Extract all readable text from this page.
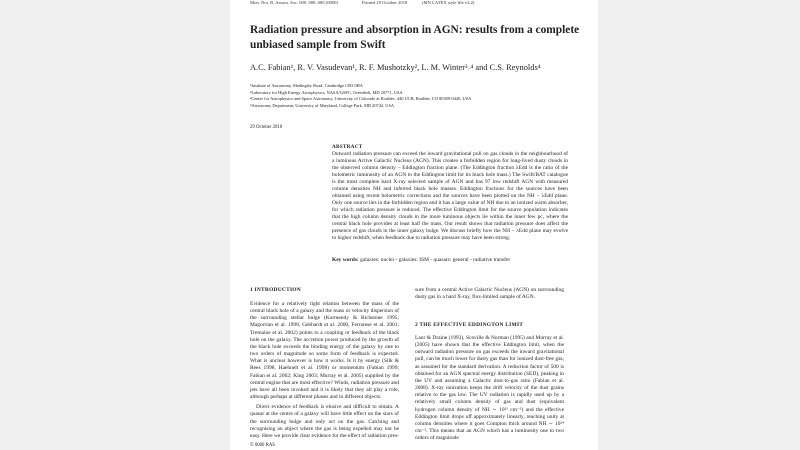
Mon. Not. R. Astron. Soc. 000, 000–000 (0000)	Printed 29 October 2018	(MN LATEX style file v2.2)
Radiation pressure and absorption in AGN: results from a complete unbiased sample from Swift
A.C. Fabian¹, R. V. Vasudevan¹, R. F. Mushotzky², L. M. Winter³˒⁴ and C.S. Reynolds⁴
¹Institute of Astronomy, Madingley Road, Cambridge CB3 0HA
²Laboratory for High Energy Astrophysics, NASA/GSFC, Greenbelt, MD 20771, USA
³Center for Astrophysics and Space Astronomy, University of Colorado at Boulder, 440 UCB, Boulder, CO 80309-0440, USA
⁴Astronomy Department, University of Maryland, College Park, MD 20742, USA
29 October 2018
ABSTRACT
Outward radiation pressure can exceed the inward gravitational pull on gas clouds in the neighbourhood of a luminous Active Galactic Nucleus (AGN). This creates a forbidden region for long-lived dusty clouds in the observed column density – Eddington fraction plane. (The Eddington fraction λEdd is the ratio of the bolometric luminosity of an AGN to the Eddington limit for its black hole mass.) The Swift/BAT catalogue is the most complete hard X-ray selected sample of AGN and has 97 low redshift AGN with measured column densities NH and inferred black hole masses. Eddington fractions for the sources have been obtained using recent bolometric corrections and the sources have been plotted on the NH − λEdd plane. Only one source lies in the forbidden region and it has a large value of NH due to an ionized warm absorber, for which radiation pressure is reduced. The effective Eddington limit for the source population indicates that the high column density clouds in the more luminous objects lie within the inner few pc, where the central black hole provides at least half the mass. Our result shows that radiation pressure does affect the presence of gas clouds in the inner galaxy bulge. We discuss briefly how the NH − λEdd plane may evolve to higher redshift, when feedback due to radiation pressure may have been strong.
Key words: galaxies: nuclei - galaxies: ISM - quasars: general - radiative transfer
1 INTRODUCTION

Evidence for a relatively tight relation between the mass of the central black hole of a galaxy and the mass or velocity dispersion of the surrounding stellar bulge (Kormendy & Richstone 1995; Magorrian et al. 1998, Gebhardt et al. 2000, Ferrarese et al. 2001; Tremaine et al. 2002) points to a coupling or feedback of the black hole on the galaxy. The accretion power produced by the growth of the black hole exceeds the binding energy of the galaxy by one to two orders of magnitude so some form of feedback is expected. What is unclear however is how it works. Is it by energy (Silk & Rees 1998, Haehnelt et al. 1998) or momentum (Fabian 1999; Fabian et al. 2002; King 2003; Murray et al. 2005) supplied by the central engine that are most effective? Winds, radiation pressure and jets have all been invoked and it is likely that they all play a role, although perhaps at different phases and in different objects.

Direct evidence of feedback is elusive and difficult to obtain. A quasar at the centre of a galaxy will have little effect on the stars of the surrounding bulge and only act on the gas. Catching and recognising an object where the gas is being expelled may not be easy. Here we provide clear evidence for the effect of radiation pres-

sure from a central Active Galactic Nucleus (AGN) on surrounding dusty gas in a hard X-ray, flux-limited sample of AGN.
2 THE EFFECTIVE EDDINGTON LIMIT
Laor & Draine (1993), Scoville & Norman (1995) and Murray et al. (2005) have shown that the effective Eddington limit, when the outward radiation pressure on gas exceeds the inward gravitational pull, can be much lower for dusty gas than for ionized dust-free gas, as assumed for the standard derivation. A reduction factor of 500 is obtained for an AGN spectral energy distribution (SED), peaking in the UV and assuming a Galactic dust-to-gas ratio (Fabian et al. 2008). X-ray ionization keeps the drift velocity of the dust grains relative to the gas low. The UV radiation is rapidly used up by a relatively small column density of gas and dust (equivalent hydrogen column density of NH ∼ 10²¹ cm⁻²) and the effective Eddington limit drops off approximately linearly, reaching unity at column densities where it goes Compton thick around NH ∼ 10²⁴ cm⁻². This means that an AGN which has a luminosity one to two orders of magnitude
© 0000 RAS
